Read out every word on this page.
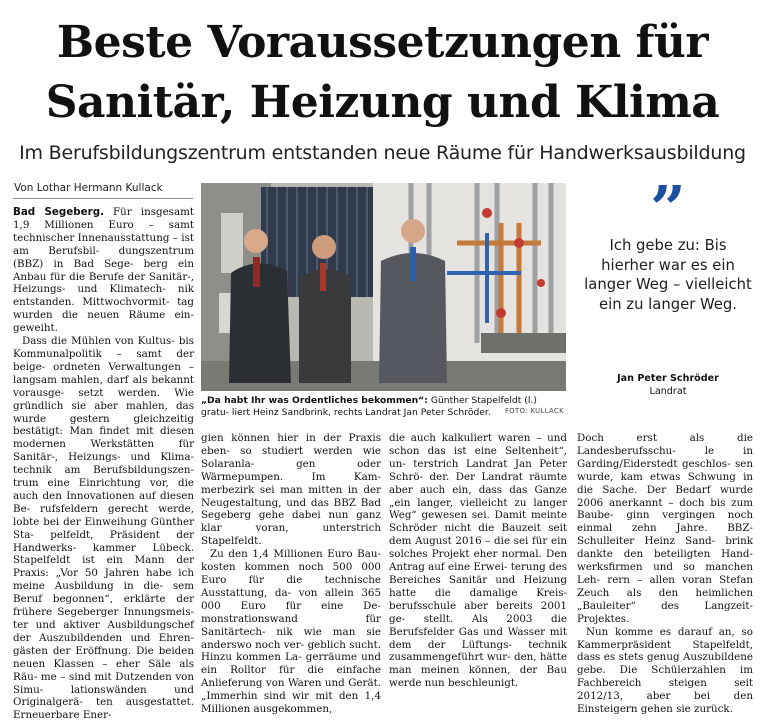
Beste Voraussetzungen für
Sanitär, Heizung und Klima
Im Berufsbildungszentrum entstanden neue Räume für Handwerksausbildung
Von Lothar Hermann Kullack

Bad Segeberg. Für insgesamt 1,9 Millionen Euro – samt technischer Innenausstattung – ist am Berufsbil- dungszentrum (BBZ) in Bad Sege- berg ein Anbau für die Berufe der Sanitär-, Heizungs- und Klimatech- nik entstanden. Mittwochvormit- tag wurden die neuen Räume ein- geweiht.

Dass die Mühlen von Kultus- bis Kommunalpolitik – samt der beige- ordneten Verwaltungen – langsam mahlen, darf als bekannt vorausge- setzt werden. Wie gründlich sie aber mahlen, das wurde gestern gleichzeitig bestätigt: Man findet mit diesen modernen Werkstätten für Sanitär-, Heizungs- und Klima- technik am Berufsbildungszen- trum eine Einrichtung vor, die auch den Innovationen auf diesen Be- rufsfeldern gerecht werde, lobte bei der Einweihung Günther Sta- pelfeldt, Präsident der Handwerks- kammer Lübeck. Stapelfeldt ist ein Mann der Praxis: „Vor 50 Jahren habe ich meine Ausbildung in die- sem Beruf begonnen“, erklärte der frühere Segeberger Innungsmeis- ter und aktiver Ausbildungschef der Auszubildenden und Ehren- gästen der Eröffnung. Die beiden neuen Klassen – eher Säle als Räu- me – sind mit Dutzenden von Simu- lationswänden und Originalgerä- ten ausgestattet. Erneuerbare Ener-

„Da habt Ihr was Ordentliches bekommen“: Günther Stapelfeldt (l.) gratu- liert Heinz Sandbrink, rechts Landrat Jan Peter Schröder. FOTO: KULLACK
”
Ich gebe zu: Bis hierher war es ein langer Weg – vielleicht ein zu langer Weg.
Jan Peter Schröder
Landrat

gien können hier in der Praxis eben- so studiert werden wie Solaranla- gen oder Wärmepumpen. Im Kam- merbezirk sei man mitten in der Neugestaltung, und das BBZ Bad Segeberg gehe dabei nun ganz klar voran, unterstrich Stapelfeldt.

Zu den 1,4 Millionen Euro Bau- kosten kommen noch 500 000 Euro für die technische Ausstattung, da- von allein 365 000 Euro für eine De- monstrationswand für Sanitärtech- nik wie man sie anderswo noch ver- geblich sucht. Hinzu kommen La- gerräume und ein Rolltor für die einfache Anlieferung von Waren und Gerät. „Immerhin sind wir mit den 1,4 Millionen ausgekommen,

die auch kalkuliert waren – und schon das ist eine Seltenheit“, un- terstrich Landrat Jan Peter Schrö- der. Der Landrat räumte aber auch ein, dass das Ganze „ein langer, vielleicht zu langer Weg“ gewesen sei. Damit meinte Schröder nicht die Bauzeit seit dem August 2016 – die sei für ein solches Projekt eher normal. Den Antrag auf eine Erwei- terung des Bereiches Sanitär und Heizung hatte die damalige Kreis- berufsschule aber bereits 2001 ge- stellt. Als 2003 die Berufsfelder Gas und Wasser mit dem der Lüftungs- technik zusammengeführt wur- den, hätte man meinen können, der Bau werde nun beschleunigt.

Doch erst als die Landesberufsschu- le in Garding/Eiderstedt geschlos- sen wurde, kam etwas Schwung in die Sache. Der Bedarf wurde 2006 anerkannt – doch bis zum Baube- ginn vergingen noch einmal zehn Jahre. BBZ-Schulleiter Heinz Sand- brink dankte den beteiligten Hand- werksfirmen und so manchen Leh- rern – allen voran Stefan Zeuch als den heimlichen „Bauleiter“ des Langzeit-Projektes.

Nun komme es darauf an, so Kammerpräsident Stapelfeldt, dass es stets genug Auszubildene gebe. Die Schülerzahlen im Fachbereich steigen seit 2012/13, aber bei den Einsteigern gehen sie zurück.
